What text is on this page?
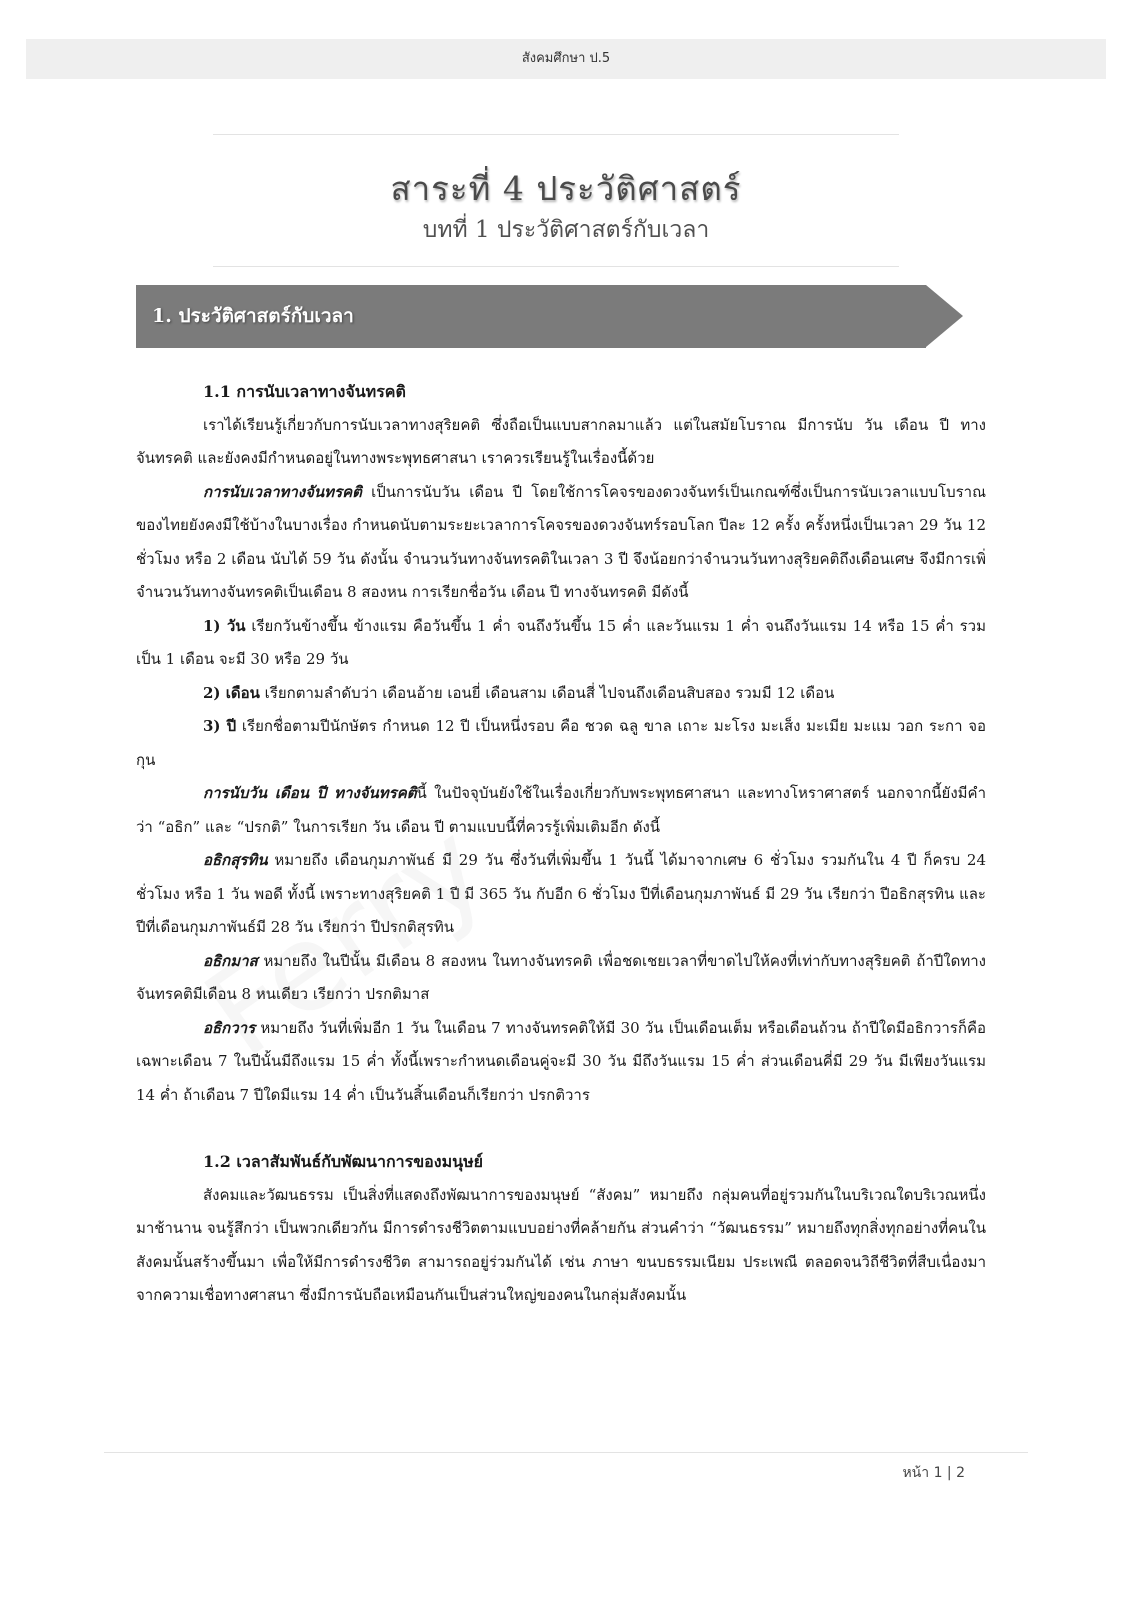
สังคมศึกษา ป.5
สาระที่ 4 ประวัติศาสตร์
บทที่ 1 ประวัติศาสตร์กับเวลา
1. ประวัติศาสตร์กับเวลา

1.1 การนับเวลาทางจันทรคติ

เราได้เรียนรู้เกี่ยวกับการนับเวลาทางสุริยคติ ซึ่งถือเป็นแบบสากลมาแล้ว แต่ในสมัยโบราณ มีการนับ วัน เดือน ปี ทางจันทรคติ และยังคงมีกำหนดอยู่ในทางพระพุทธศาสนา เราควรเรียนรู้ในเรื่องนี้ด้วย

การนับเวลาทางจันทรคติ เป็นการนับวัน เดือน ปี โดยใช้การโคจรของดวงจันทร์เป็นเกณฑ์ซึ่งเป็นการนับเวลาแบบโบราณของไทยยังคงมีใช้บ้างในบางเรื่อง กำหนดนับตามระยะเวลาการโคจรของดวงจันทร์รอบโลก ปีละ 12 ครั้ง ครั้งหนึ่งเป็นเวลา 29 วัน 12 ชั่วโมง หรือ 2 เดือน นับได้ 59 วัน ดังนั้น จำนวนวันทางจันทรคติในเวลา 3 ปี จึงน้อยกว่าจำนวนวันทางสุริยคติถึงเดือนเศษ จึงมีการเพิ่จำนวนวันทางจันทรคติเป็นเดือน 8 สองหน การเรียกชื่อวัน เดือน ปี ทางจันทรคติ มีดังนี้

1) วัน เรียกวันข้างขึ้น ข้างแรม คือวันขึ้น 1 ค่ำ จนถึงวันขึ้น 15 ค่ำ และวันแรม 1 ค่ำ จนถึงวันแรม 14 หรือ 15 ค่ำ รวมเป็น 1 เดือน จะมี 30 หรือ 29 วัน

2) เดือน เรียกตามลำดับว่า เดือนอ้าย เอนยี่ เดือนสาม เดือนสี่ ไปจนถึงเดือนสิบสอง รวมมี 12 เดือน

3) ปี เรียกชื่อตามปีนักษัตร กำหนด 12 ปี เป็นหนึ่งรอบ คือ ชวด ฉลู ขาล เถาะ มะโรง มะเส็ง มะเมีย มะแม วอก ระกา จอ กุน

การนับวัน เดือน ปี ทางจันทรคตินี้ ในปัจจุบันยังใช้ในเรื่องเกี่ยวกับพระพุทธศาสนา และทางโหราศาสตร์ นอกจากนี้ยังมีคำว่า “อธิก” และ “ปรกติ” ในการเรียก วัน เดือน ปี ตามแบบนี้ที่ควรรู้เพิ่มเติมอีก ดังนี้

อธิกสุรทิน หมายถึง เดือนกุมภาพันธ์ มี 29 วัน ซึ่งวันที่เพิ่มขึ้น 1 วันนี้ ได้มาจากเศษ 6 ชั่วโมง รวมกันใน 4 ปี ก็ครบ 24 ชั่วโมง หรือ 1 วัน พอดี ทั้งนี้ เพราะทางสุริยคติ 1 ปี มี 365 วัน กับอีก 6 ชั่วโมง ปีที่เดือนกุมภาพันธ์ มี 29 วัน เรียกว่า ปีอธิกสุรทิน และปีที่เดือนกุมภาพันธ์มี 28 วัน เรียกว่า ปีปรกติสุรทิน

อธิกมาส หมายถึง ในปีนั้น มีเดือน 8 สองหน ในทางจันทรคติ เพื่อชดเชยเวลาที่ขาดไปให้คงที่เท่ากับทางสุริยคติ ถ้าปีใดทางจันทรคติมีเดือน 8 หนเดียว เรียกว่า ปรกติมาส

อธิกวาร หมายถึง วันที่เพิ่มอีก 1 วัน ในเดือน 7 ทางจันทรคติให้มี 30 วัน เป็นเดือนเต็ม หรือเดือนถ้วน ถ้าปีใดมีอธิกวารก็คือ เฉพาะเดือน 7 ในปีนั้นมีถึงแรม 15 ค่ำ ทั้งนี้เพราะกำหนดเดือนคู่จะมี 30 วัน มีถึงวันแรม 15 ค่ำ ส่วนเดือนคี่มี 29 วัน มีเพียงวันแรม 14 ค่ำ ถ้าเดือน 7 ปีใดมีแรม 14 ค่ำ เป็นวันสิ้นเดือนก็เรียกว่า ปรกติวาร

1.2 เวลาสัมพันธ์กับพัฒนาการของมนุษย์

สังคมและวัฒนธรรม เป็นสิ่งที่แสดงถึงพัฒนาการของมนุษย์ “สังคม” หมายถึง กลุ่มคนที่อยู่รวมกันในบริเวณใดบริเวณหนึ่งมาช้านาน จนรู้สึกว่า เป็นพวกเดียวกัน มีการดำรงชีวิตตามแบบอย่างที่คล้ายกัน ส่วนคำว่า “วัฒนธรรม” หมายถึงทุกสิ่งทุกอย่างที่คนในสังคมนั้นสร้างขึ้นมา เพื่อให้มีการดำรงชีวิต สามารถอยู่ร่วมกันได้ เช่น ภาษา ขนบธรรมเนียม ประเพณี ตลอดจนวิถีชีวิตที่สืบเนื่องมาจากความเชื่อทางศาสนา ซึ่งมีการนับถือเหมือนกันเป็นส่วนใหญ่ของคนในกลุ่มสังคมนั้น

หน้า 1 | 2
